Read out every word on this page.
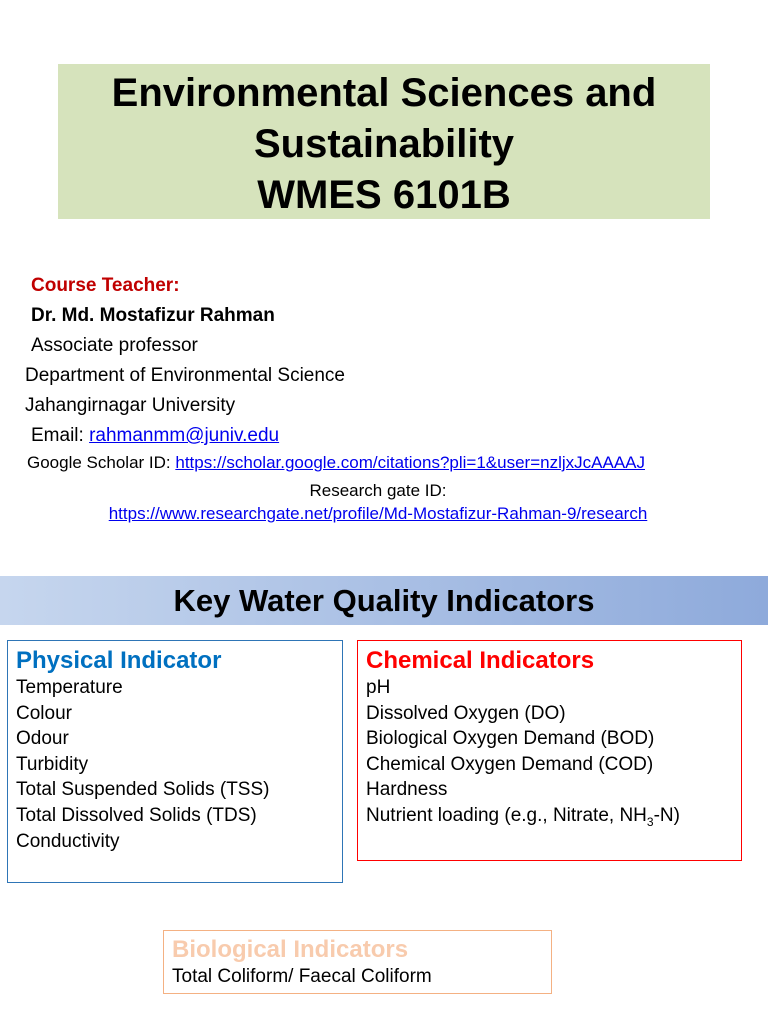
Environmental Sciences and
Sustainability
WMES 6101B
Course Teacher:
Dr. Md. Mostafizur Rahman
Associate professor
Department of Environmental Science
Jahangirnagar University
Email: rahmanmm@juniv.edu
Google Scholar ID: https://scholar.google.com/citations?pli=1&user=nzljxJcAAAAJ
Research gate ID:
https://www.researchgate.net/profile/Md-Mostafizur-Rahman-9/research
Key Water Quality Indicators
Physical Indicator
Temperature
Colour
Odour
Turbidity
Total Suspended Solids (TSS)
Total Dissolved Solids (TDS)
Conductivity
Chemical Indicators
pH
Dissolved Oxygen (DO)
Biological Oxygen Demand (BOD)
Chemical Oxygen Demand (COD)
Hardness
Nutrient loading (e.g., Nitrate, $NH_3-N$)
Biological Indicators
Total Coliform/ Faecal Coliform
